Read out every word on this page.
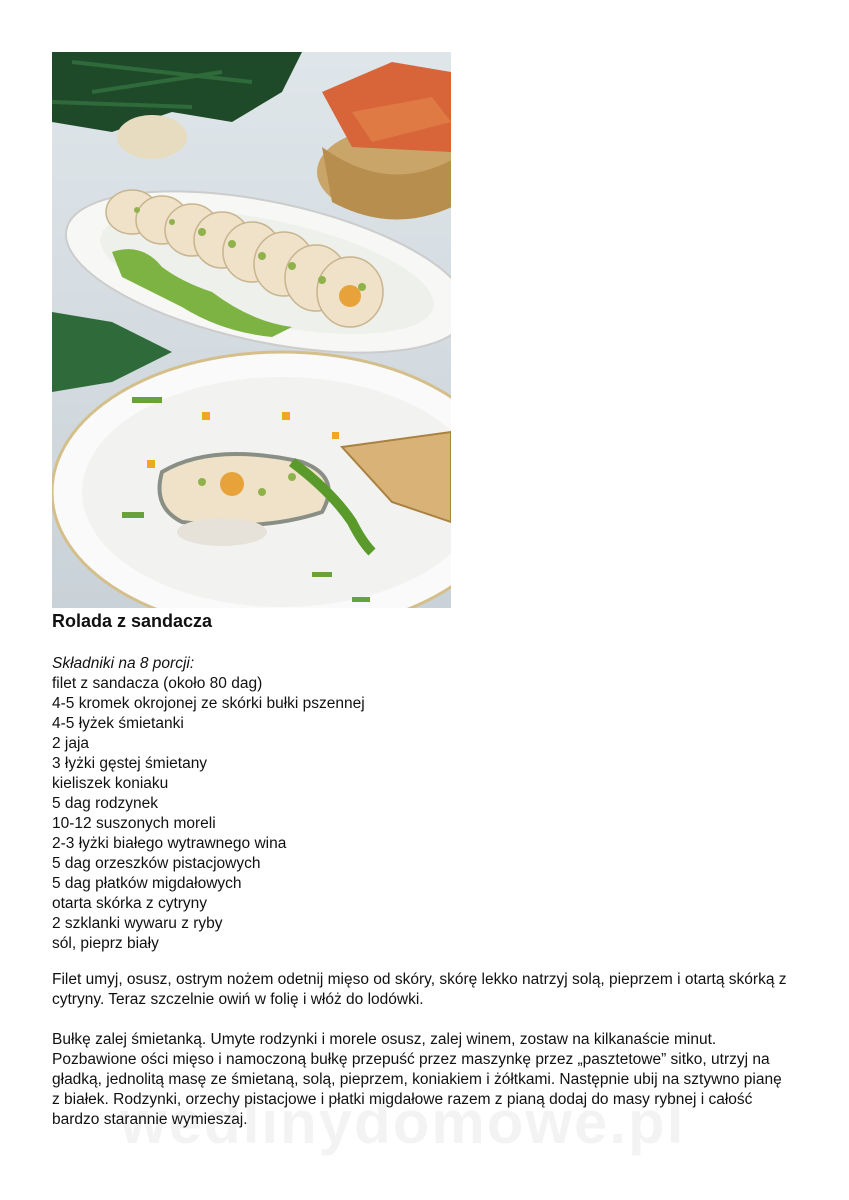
Rolada z sandacza
Składniki na 8 porcji:
filet z sandacza (około 80 dag)
4-5 kromek okrojonej ze skórki bułki pszennej
4-5 łyżek śmietanki
2 jaja
3 łyżki gęstej śmietany
kieliszek koniaku
5 dag rodzynek
10-12 suszonych moreli
2-3 łyżki białego wytrawnego wina
5 dag orzeszków pistacjowych
5 dag płatków migdałowych
otarta skórka z cytryny
2 szklanki wywaru z ryby
sól, pieprz biały

Filet umyj, osusz, ostrym nożem odetnij mięso od skóry, skórę lekko natrzyj solą, pieprzem i otartą skórką z cytryny. Teraz szczelnie owiń w folię i włóż do lodówki.

Bułkę zalej śmietanką. Umyte rodzynki i morele osusz, zalej winem, zostaw na kilkanaście minut. Pozbawione ości mięso i namoczoną bułkę przepuść przez maszynkę przez „pasztetowe” sitko, utrzyj na gładką, jednolitą masę ze śmietaną, solą, pieprzem, koniakiem i żółtkami. Następnie ubij na sztywno pianę z białek. Rodzynki, orzechy pistacjowe i płatki migdałowe razem z pianą dodaj do masy rybnej i całość bardzo starannie wymieszaj.
